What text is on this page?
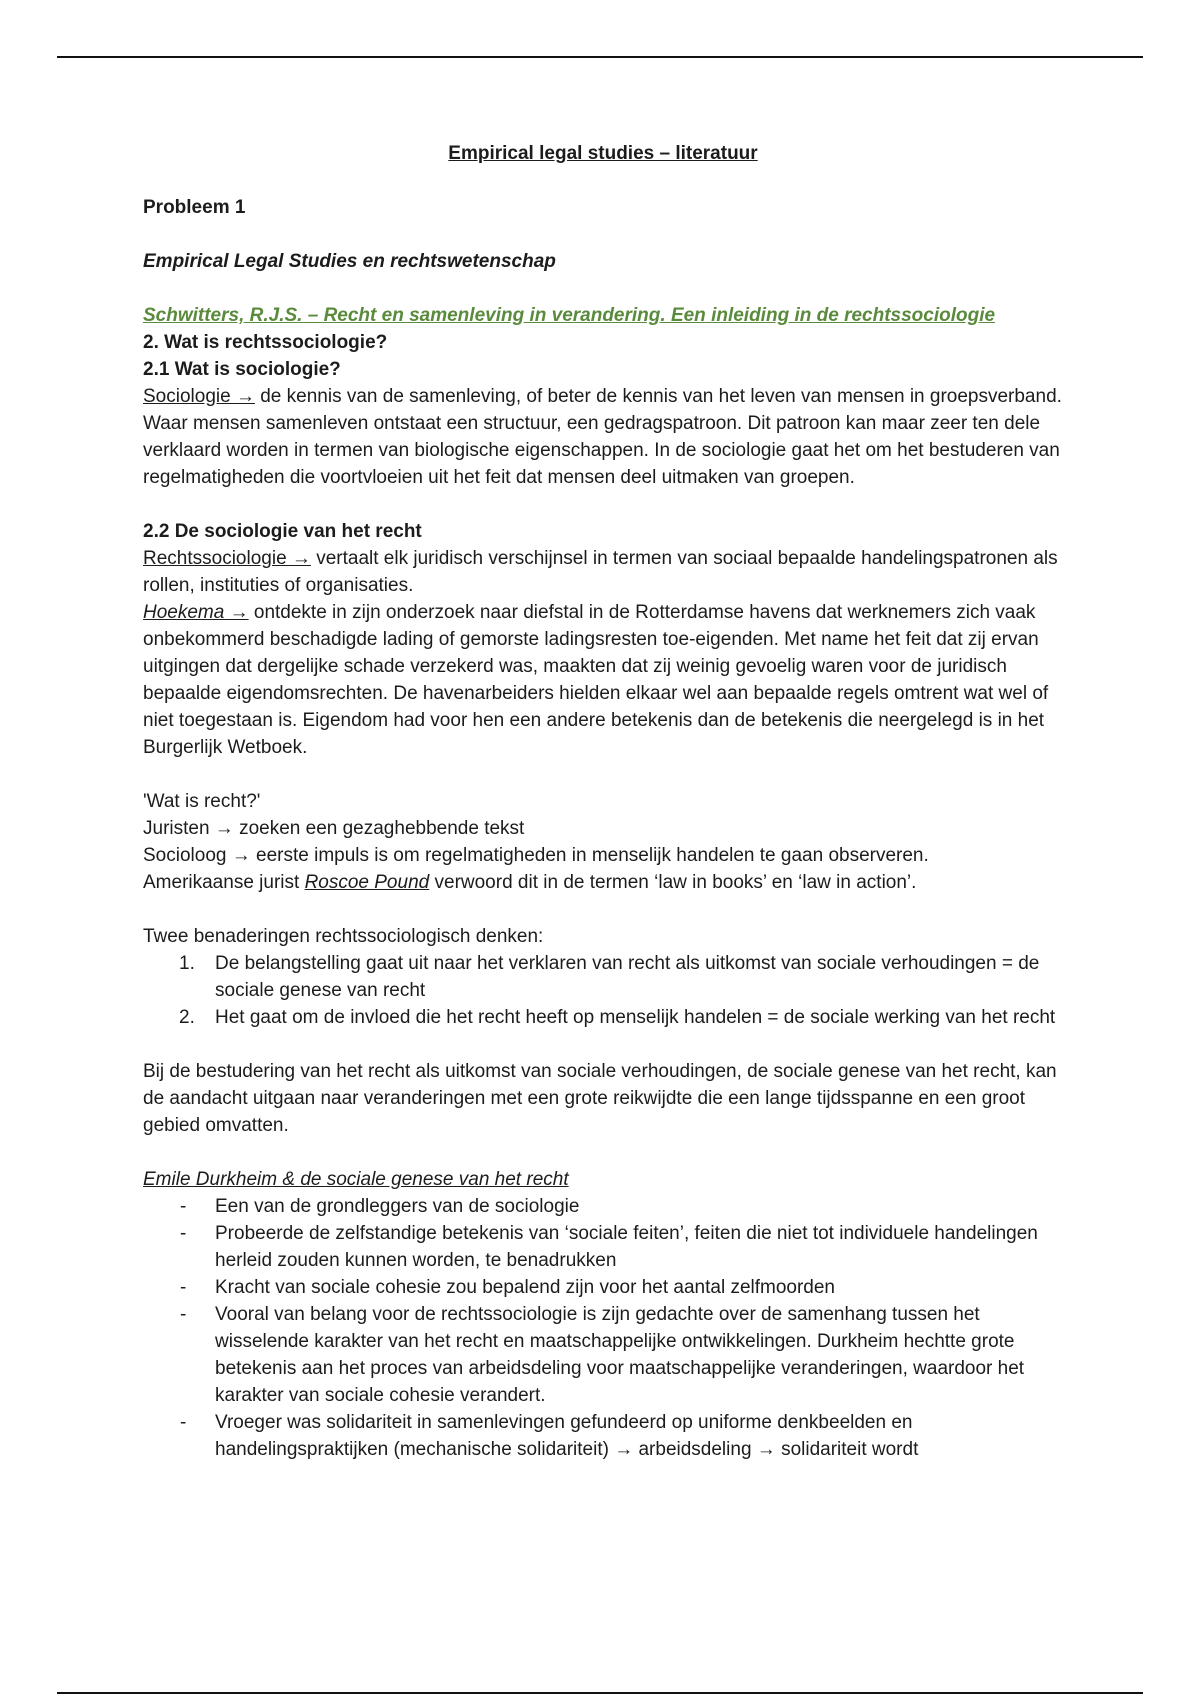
Empirical legal studies – literatuur

Probleem 1

Empirical Legal Studies en rechtswetenschap

Schwitters, R.J.S. – Recht en samenleving in verandering. Een inleiding in de rechtssociologie

2. Wat is rechtssociologie?

2.1 Wat is sociologie?

Sociologie → de kennis van de samenleving, of beter de kennis van het leven van mensen in groepsverband. Waar mensen samenleven ontstaat een structuur, een gedragspatroon. Dit patroon kan maar zeer ten dele verklaard worden in termen van biologische eigenschappen. In de sociologie gaat het om het bestuderen van regelmatigheden die voortvloeien uit het feit dat mensen deel uitmaken van groepen.

2.2 De sociologie van het recht

Rechtssociologie → vertaalt elk juridisch verschijnsel in termen van sociaal bepaalde handelingspatronen als rollen, instituties of organisaties.

Hoekema → ontdekte in zijn onderzoek naar diefstal in de Rotterdamse havens dat werknemers zich vaak onbekommerd beschadigde lading of gemorste ladingsresten toe-eigenden. Met name het feit dat zij ervan uitgingen dat dergelijke schade verzekerd was, maakten dat zij weinig gevoelig waren voor de juridisch bepaalde eigendomsrechten. De havenarbeiders hielden elkaar wel aan bepaalde regels omtrent wat wel of niet toegestaan is. Eigendom had voor hen een andere betekenis dan de betekenis die neergelegd is in het Burgerlijk Wetboek.

'Wat is recht?'

Juristen → zoeken een gezaghebbende tekst

Socioloog → eerste impuls is om regelmatigheden in menselijk handelen te gaan observeren.

Amerikaanse jurist Roscoe Pound verwoord dit in de termen ‘law in books’ en ‘law in action’.

Twee benaderingen rechtssociologisch denken:

1. De belangstelling gaat uit naar het verklaren van recht als uitkomst van sociale verhoudingen = de sociale genese van recht
2. Het gaat om de invloed die het recht heeft op menselijk handelen = de sociale werking van het recht

Bij de bestudering van het recht als uitkomst van sociale verhoudingen, de sociale genese van het recht, kan de aandacht uitgaan naar veranderingen met een grote reikwijdte die een lange tijdsspanne en een groot gebied omvatten.

Emile Durkheim & de sociale genese van het recht

- Een van de grondleggers van de sociologie
- Probeerde de zelfstandige betekenis van ‘sociale feiten’, feiten die niet tot individuele handelingen herleid zouden kunnen worden, te benadrukken
- Kracht van sociale cohesie zou bepalend zijn voor het aantal zelfmoorden
- Vooral van belang voor de rechtssociologie is zijn gedachte over de samenhang tussen het wisselende karakter van het recht en maatschappelijke ontwikkelingen. Durkheim hechtte grote betekenis aan het proces van arbeidsdeling voor maatschappelijke veranderingen, waardoor het karakter van sociale cohesie verandert.
- Vroeger was solidariteit in samenlevingen gefundeerd op uniforme denkbeelden en handelingspraktijken (mechanische solidariteit) → arbeidsdeling → solidariteit wordt
